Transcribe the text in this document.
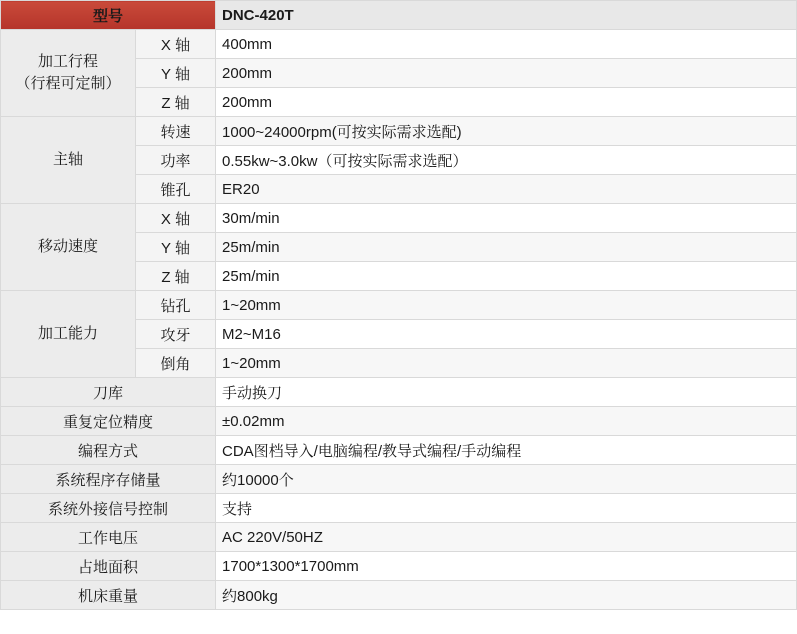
型号		DNC-420T

加工行程
（行程可定制）	X 轴	400mm
	Y 轴	200mm
	Z 轴	200mm
主轴	转速	1000~24000rpm(可按实际需求选配)
	功率	0.55kw~3.0kw（可按实际需求选配）
	锥孔	ER20
移动速度	X 轴	30m/min
	Y 轴	25m/min
	Z 轴	25m/min
加工能力	钻孔	1~20mm
	攻牙	M2~M16
	倒角	1~20mm
刀库		手动换刀
重复定位精度		±0.02mm
编程方式		CDA图档导入/电脑编程/教导式编程/手动编程
系统程序存储量		约10000个
系统外接信号控制		支持
工作电压		AC 220V/50HZ
占地面积		1700*1300*1700mm
机床重量		约800kg
